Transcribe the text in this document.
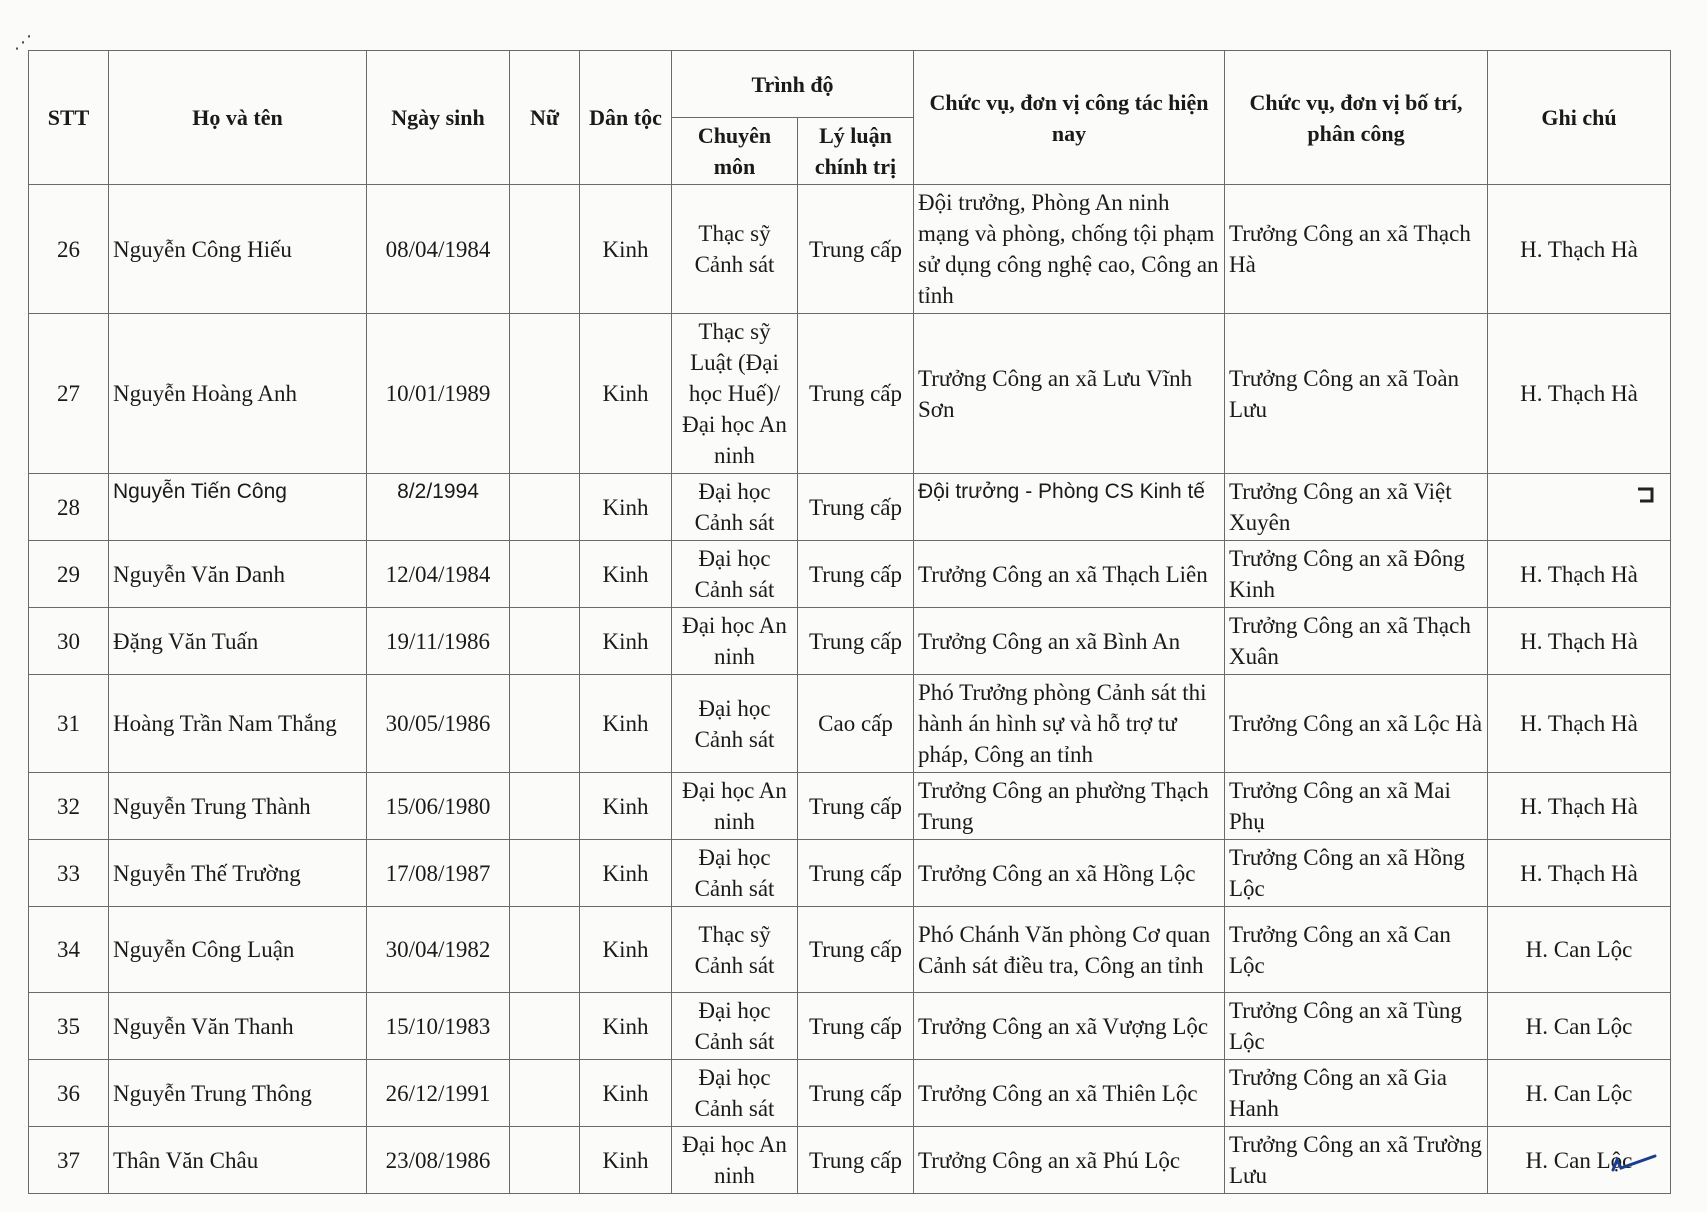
⋰
STT	Họ và tên	Ngày sinh	Nữ	Dân tộc	Trình độ		Chức vụ, đơn vị công tác hiện nay	Chức vụ, đơn vị bố trí, phân công	Ghi chú
					Chuyên môn	Lý luận chính trị			
26	Nguyễn Công Hiếu	08/04/1984		Kinh	Thạc sỹ Cảnh sát	Trung cấp	Đội trưởng, Phòng An ninh mạng và phòng, chống tội phạm sử dụng công nghệ cao, Công an tỉnh	Trưởng Công an xã Thạch Hà	H. Thạch Hà
27	Nguyễn Hoàng Anh	10/01/1989		Kinh	Thạc sỹ Luật (Đại học Huế)/ Đại học An ninh	Trung cấp	Trưởng Công an xã Lưu Vĩnh Sơn	Trưởng Công an xã Toàn Lưu	H. Thạch Hà
28	Nguyễn Tiến Công	8/2/1994		Kinh	Đại học Cảnh sát	Trung cấp	Đội trưởng - Phòng CS Kinh tế	Trưởng Công an xã Việt Xuyên	
29	Nguyễn Văn Danh	12/04/1984		Kinh	Đại học Cảnh sát	Trung cấp	Trưởng Công an xã Thạch Liên	Trưởng Công an xã Đông Kinh	H. Thạch Hà
30	Đặng Văn Tuấn	19/11/1986		Kinh	Đại học An ninh	Trung cấp	Trưởng Công an xã Bình An	Trưởng Công an xã Thạch Xuân	H. Thạch Hà
31	Hoàng Trần Nam Thắng	30/05/1986		Kinh	Đại học Cảnh sát	Cao cấp	Phó Trưởng phòng Cảnh sát thi hành án hình sự và hỗ trợ tư pháp, Công an tỉnh	Trưởng Công an xã Lộc Hà	H. Thạch Hà
32	Nguyễn Trung Thành	15/06/1980		Kinh	Đại học An ninh	Trung cấp	Trưởng Công an phường Thạch Trung	Trưởng Công an xã Mai Phụ	H. Thạch Hà
33	Nguyễn Thế Trường	17/08/1987		Kinh	Đại học Cảnh sát	Trung cấp	Trưởng Công an xã Hồng Lộc	Trưởng Công an xã Hồng Lộc	H. Thạch Hà
34	Nguyễn Công Luận	30/04/1982		Kinh	Thạc sỹ Cảnh sát	Trung cấp	Phó Chánh Văn phòng Cơ quan Cảnh sát điều tra, Công an tỉnh	Trưởng Công an xã Can Lộc	H. Can Lộc
35	Nguyễn Văn Thanh	15/10/1983		Kinh	Đại học Cảnh sát	Trung cấp	Trưởng Công an xã Vượng Lộc	Trưởng Công an xã Tùng Lộc	H. Can Lộc
36	Nguyễn Trung Thông	26/12/1991		Kinh	Đại học Cảnh sát	Trung cấp	Trưởng Công an xã Thiên Lộc	Trưởng Công an xã Gia Hanh	H. Can Lộc
37	Thân Văn Châu	23/08/1986		Kinh	Đại học An ninh	Trung cấp	Trưởng Công an xã Phú Lộc	Trưởng Công an xã Trường Lưu	H. Can Lộc
